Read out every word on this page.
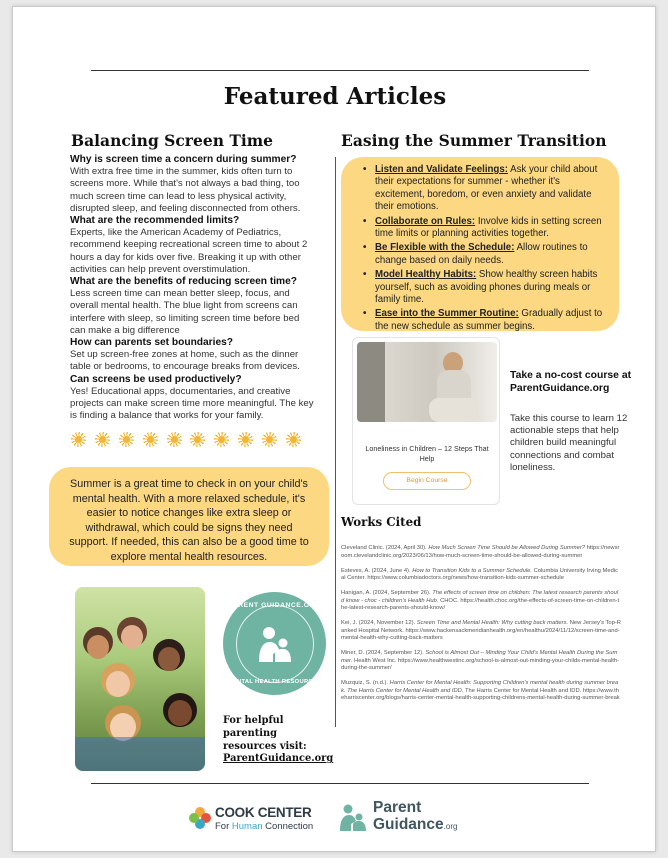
Featured Articles
Balancing Screen Time	Easing the Summer Transition
Why is screen time a concern during summer?
With extra free time in the summer, kids often turn to screens more. While that's not always a bad thing, too much screen time can lead to less physical activity, disrupted sleep, and feeling disconnected from others.
What are the recommended limits?
Experts, like the American Academy of Pediatrics, recommend keeping recreational screen time to about 2 hours a day for kids over five. Breaking it up with other activities can help prevent overstimulation.
What are the benefits of reducing screen time?
Less screen time can mean better sleep, focus, and overall mental health. The blue light from screens can interfere with sleep, so limiting screen time before bed can make a big difference
How can parents set boundaries?
Set up screen-free zones at home, such as the dinner table or bedrooms, to encourage breaks from devices.
Can screens be used productively?
Yes! Educational apps, documentaries, and creative projects can make screen time more meaningful. The key is finding a balance that works for your family.
Summer is a great time to check in on your child's mental health. With a more relaxed schedule, it's easier to notice changes like extra sleep or withdrawal, which could be signs they need support. If needed, this can also be a good time to explore mental health resources.
PARENT GUIDANCE.ORG
MENTAL HEALTH RESOURCES
For helpful parenting resources visit:
ParentGuidance.org
• Listen and Validate Feelings: Ask your child about their expectations for summer - whether it's excitement, boredom, or even anxiety and validate their emotions.
• Collaborate on Rules: Involve kids in setting screen time limits or planning activities together.
• Be Flexible with the Schedule: Allow routines to change based on daily needs.
• Model Healthy Habits: Show healthy screen habits yourself, such as avoiding phones during meals or family time.
• Ease into the Summer Routine: Gradually adjust to the new schedule as summer begins.
Loneliness in Children – 12 Steps That Help
Begin Course
Take a no-cost course at ParentGuidance.org
Take this course to learn 12 actionable steps that help children build meaningful connections and combat loneliness.
Works Cited
Cleveland Clinic. (2024, April 30). How Much Screen Time Should be Allowed During Summer? https://newsroom.clevelandclinic.org/2023/06/13/how-much-screen-time-should-be-allowed-during-summer
Esteves, A. (2024, June 4). How to Transition Kids to a Summer Schedule. Columbia University Irving Medical Center. https://www.columbiadoctors.org/news/how-transition-kids-summer-schedule
Hanigan, A. (2024, September 26). The effects of screen time on children: The latest research parents should know - choc - children's Health Hub. CHOC. https://health.choc.org/the-effects-of-screen-time-on-children-the-latest-research-parents-should-know/
Kei, J. (2024, November 12). Screen Time and Mental Health: Why cutting back matters. New Jersey's Top-Ranked Hospital Network. https://www.hackensackmeridianhealth.org/en/healthu/2024/11/12/screen-time-and-mental-health-why-cutting-back-matters
Miner, D. (2024, September 12). School is Almost Out – Minding Your Child's Mental Health During the Summer. Health West Inc. https://www.healthwestinc.org/school-is-almost-out-minding-your-childs-mental-health-during-the-summer/
Muzquiz, S. (n.d.). Harris Center for Mental Health: Supporting Children's mental health during summer break. The Harris Center for Mental Health and IDD. The Harris Center for Mental Health and IDD. https://www.theharriscenter.org/blogs/harris-center-mental-health-supporting-childrens-mental-health-during-summer-break
COOK CENTER
For Human Connection
Parent
Guidance.org
